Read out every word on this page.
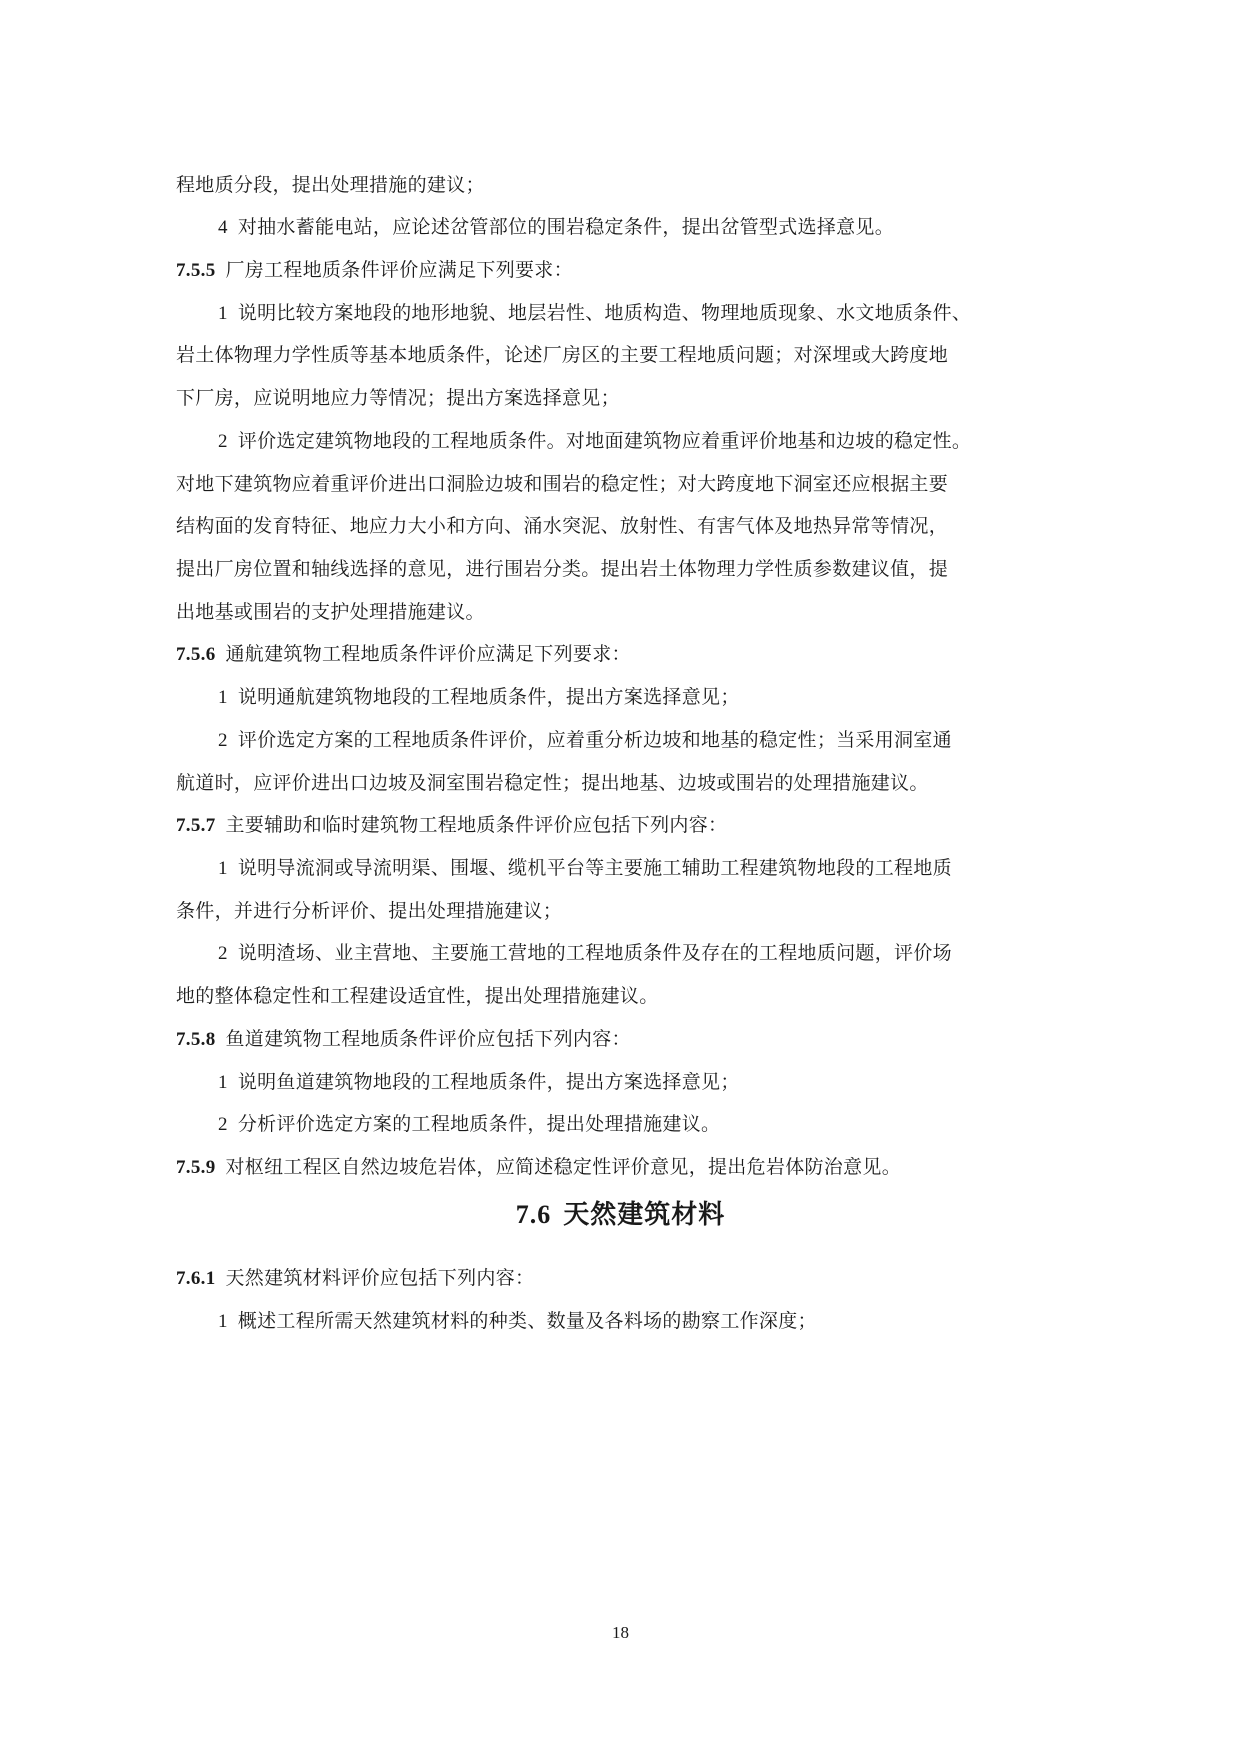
程地质分段，提出处理措施的建议；
4 对抽水蓄能电站，应论述岔管部位的围岩稳定条件，提出岔管型式选择意见。
7.5.5 厂房工程地质条件评价应满足下列要求：
1 说明比较方案地段的地形地貌、地层岩性、地质构造、物理地质现象、水文地质条件、
岩土体物理力学性质等基本地质条件，论述厂房区的主要工程地质问题；对深埋或大跨度地
下厂房，应说明地应力等情况；提出方案选择意见；
2 评价选定建筑物地段的工程地质条件。对地面建筑物应着重评价地基和边坡的稳定性。
对地下建筑物应着重评价进出口洞脸边坡和围岩的稳定性；对大跨度地下洞室还应根据主要
结构面的发育特征、地应力大小和方向、涌水突泥、放射性、有害气体及地热异常等情况，
提出厂房位置和轴线选择的意见，进行围岩分类。提出岩土体物理力学性质参数建议值，提
出地基或围岩的支护处理措施建议。
7.5.6 通航建筑物工程地质条件评价应满足下列要求：
1 说明通航建筑物地段的工程地质条件，提出方案选择意见；
2 评价选定方案的工程地质条件评价，应着重分析边坡和地基的稳定性；当采用洞室通
航道时，应评价进出口边坡及洞室围岩稳定性；提出地基、边坡或围岩的处理措施建议。
7.5.7 主要辅助和临时建筑物工程地质条件评价应包括下列内容：
1 说明导流洞或导流明渠、围堰、缆机平台等主要施工辅助工程建筑物地段的工程地质
条件，并进行分析评价、提出处理措施建议；
2 说明渣场、业主营地、主要施工营地的工程地质条件及存在的工程地质问题，评价场
地的整体稳定性和工程建设适宜性，提出处理措施建议。
7.5.8 鱼道建筑物工程地质条件评价应包括下列内容：
1 说明鱼道建筑物地段的工程地质条件，提出方案选择意见；
2 分析评价选定方案的工程地质条件，提出处理措施建议。
7.5.9 对枢纽工程区自然边坡危岩体，应简述稳定性评价意见，提出危岩体防治意见。
7.6 天然建筑材料
7.6.1 天然建筑材料评价应包括下列内容：
1 概述工程所需天然建筑材料的种类、数量及各料场的勘察工作深度；
18
